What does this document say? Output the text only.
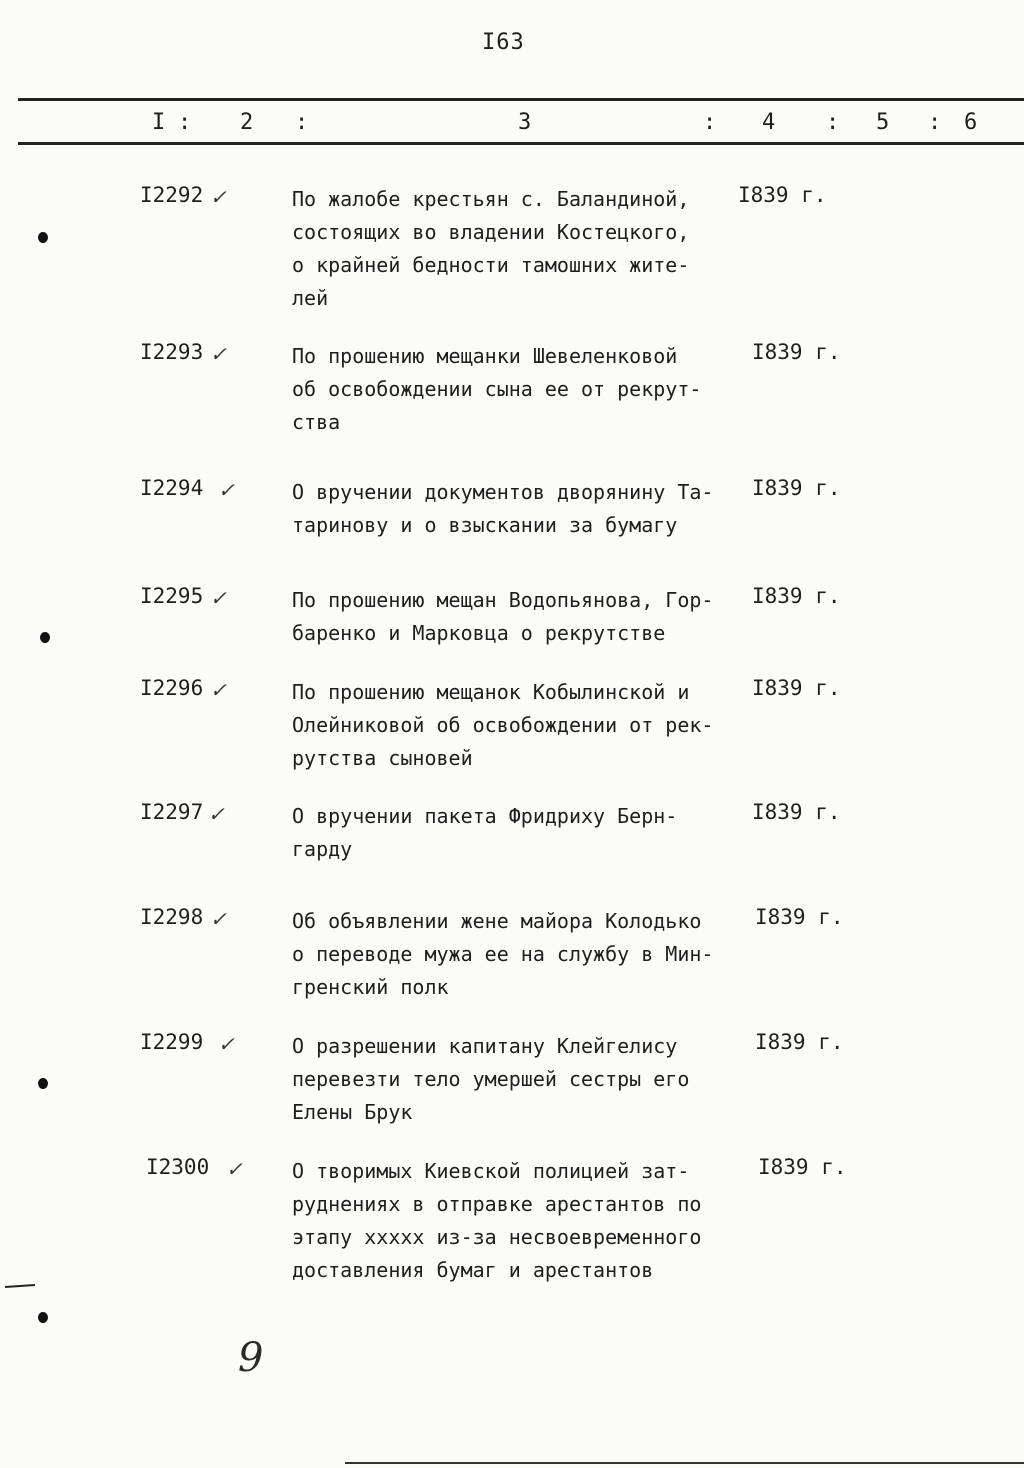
I63
I : 2 :	3	: 4 : 5 : 6
I2292 ✓	По жалобе крестьян с. Баландиной,
состоящих во владении Костецкого,
о крайней бедности тамошних жите-
лей
I839 г.
I2293 ✓	По прошению мещанки Шевеленковой
об освобождении сына ее от рекрут-
ства
I839 г.
I2294 ✓	О вручении документов дворянину Та-
таринову и о взыскании за бумагу
I839 г.
I2295 ✓	По прошению мещан Водопьянова, Гор-
баренко и Марковца о рекрутстве
I839 г.
I2296 ✓	По прошению мещанок Кобылинской и
Олейниковой об освобождении от рек-
рутства сыновей
I839 г.
I2297 ✓	О вручении пакета Фридриху Берн-
гарду
I839 г.
I2298 ✓	Об объявлении жене майора Колодько
о переводе мужа ее на службу в Мин-
гренский полк
I839 г.
I2299 ✓	О разрешении капитану Клейгелису
перевезти тело умершей сестры его
Елены Брук
I839 г.
I2300 ✓ О творимых Киевской полицией зат-
руднениях в отправке арестантов по
этапу xxxxx из-за несвоевременного
доставления бумаг и арестантов
I839 г.
9
